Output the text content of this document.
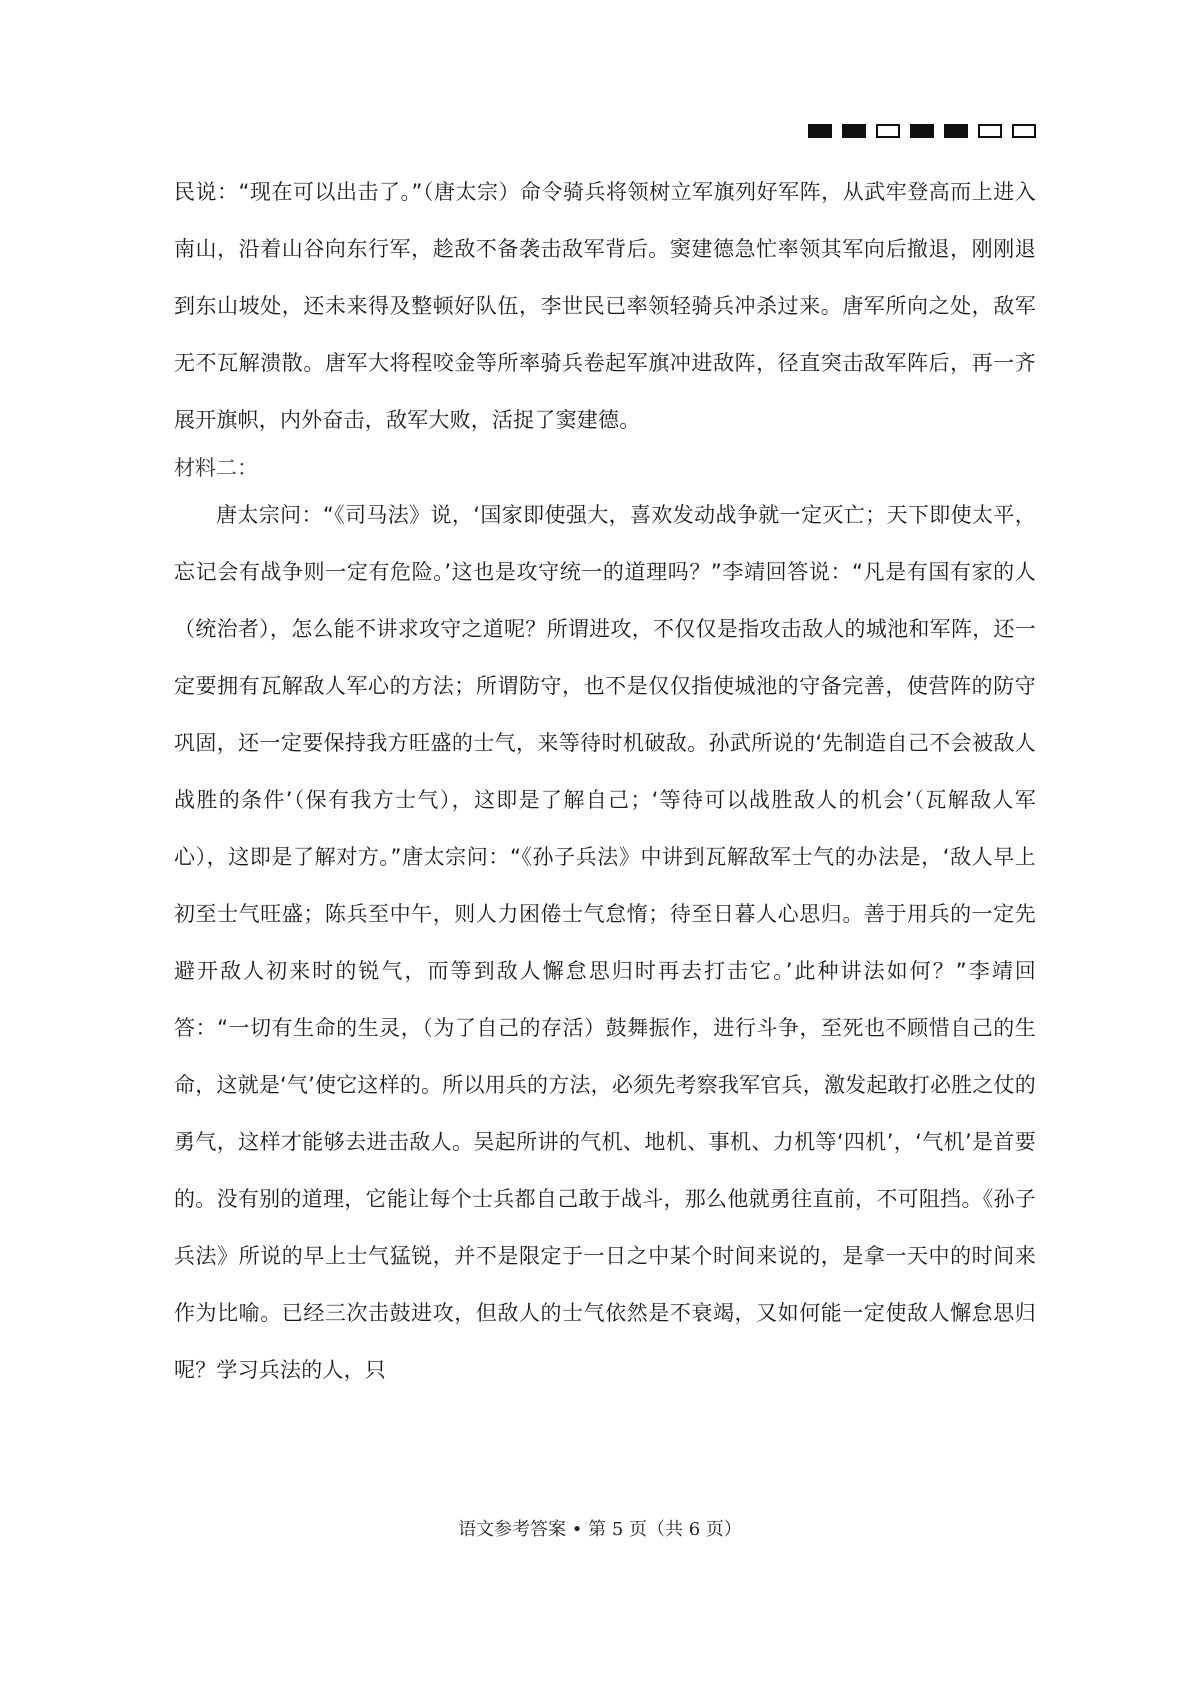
民说：“现在可以出击了。”（唐太宗）命令骑兵将领树立军旗列好军阵，从武牢登高而上进入南山，沿着山谷向东行军，趁敌不备袭击敌军背后。窦建德急忙率领其军向后撤退，刚刚退到东山坡处，还未来得及整顿好队伍，李世民已率领轻骑兵冲杀过来。唐军所向之处，敌军无不瓦解溃散。唐军大将程咬金等所率骑兵卷起军旗冲进敌阵，径直突击敌军阵后，再一齐展开旗帜，内外奋击，敌军大败，活捉了窦建德。

材料二：

唐太宗问：“《司马法》说，‘国家即使强大，喜欢发动战争就一定灭亡；天下即使太平，忘记会有战争则一定有危险。’这也是攻守统一的道理吗？”李靖回答说：“凡是有国有家的人（统治者），怎么能不讲求攻守之道呢？所谓进攻，不仅仅是指攻击敌人的城池和军阵，还一定要拥有瓦解敌人军心的方法；所谓防守，也不是仅仅指使城池的守备完善，使营阵的防守巩固，还一定要保持我方旺盛的士气，来等待时机破敌。孙武所说的‘先制造自己不会被敌人战胜的条件’（保有我方士气），这即是了解自己；‘等待可以战胜敌人的机会’（瓦解敌人军心），这即是了解对方。”唐太宗问：“《孙子兵法》中讲到瓦解敌军士气的办法是，‘敌人早上初至士气旺盛；陈兵至中午，则人力困倦士气怠惰；待至日暮人心思归。善于用兵的一定先避开敌人初来时的锐气，而等到敌人懈怠思归时再去打击它。’此种讲法如何？”李靖回答：“一切有生命的生灵，（为了自己的存活）鼓舞振作，进行斗争，至死也不顾惜自己的生命，这就是‘气’使它这样的。所以用兵的方法，必须先考察我军官兵，激发起敢打必胜之仗的勇气，这样才能够去进击敌人。吴起所讲的气机、地机、事机、力机等‘四机’，‘气机’是首要的。没有别的道理，它能让每个士兵都自己敢于战斗，那么他就勇往直前，不可阻挡。《孙子兵法》所说的早上士气猛锐，并不是限定于一日之中某个时间来说的，是拿一天中的时间来作为比喻。已经三次击鼓进攻，但敌人的士气依然是不衰竭，又如何能一定使敌人懈怠思归呢？学习兵法的人，只

语文参考答案 • 第 5 页（共 6 页）
